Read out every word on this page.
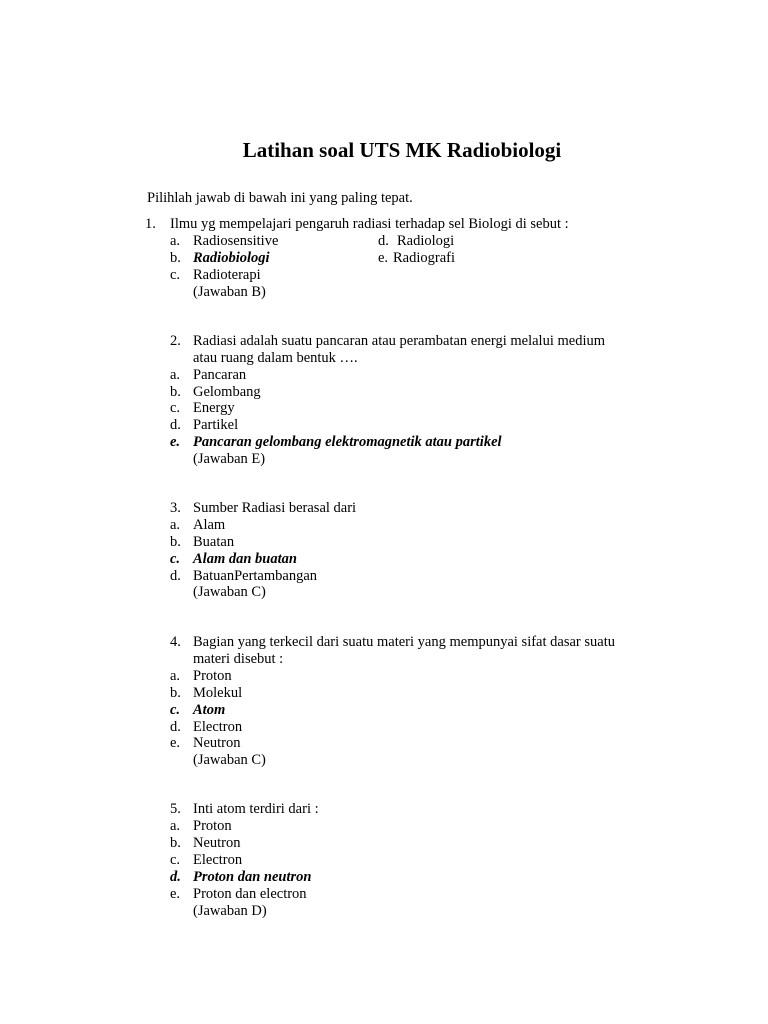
Latihan soal UTS MK Radiobiologi
Pilihlah jawab di bawah ini yang paling tepat.
1. Ilmu yg mempelajari pengaruh radiasi terhadap sel Biologi di sebut :
a. Radiosensitive
b. Radiobiologi
c. Radioterapi
d. Radiologi
e. Radiografi
(Jawaban B)
2. Radiasi adalah suatu pancaran atau perambatan energi melalui medium
atau ruang dalam bentuk ….
a. Pancaran
b. Gelombang
c. Energy
d. Partikel
e. Pancaran gelombang elektromagnetik atau partikel
(Jawaban E)
3. Sumber Radiasi berasal dari
a. Alam
b. Buatan
c. Alam dan buatan
d. BatuanPertambangan
(Jawaban C)
4. Bagian yang terkecil dari suatu materi yang mempunyai sifat dasar suatu
materi disebut :
a. Proton
b. Molekul
c. Atom
d. Electron
e. Neutron
(Jawaban C)
5. Inti atom terdiri dari :
a. Proton
b. Neutron
c. Electron
d. Proton dan neutron
e. Proton dan electron
(Jawaban D)
